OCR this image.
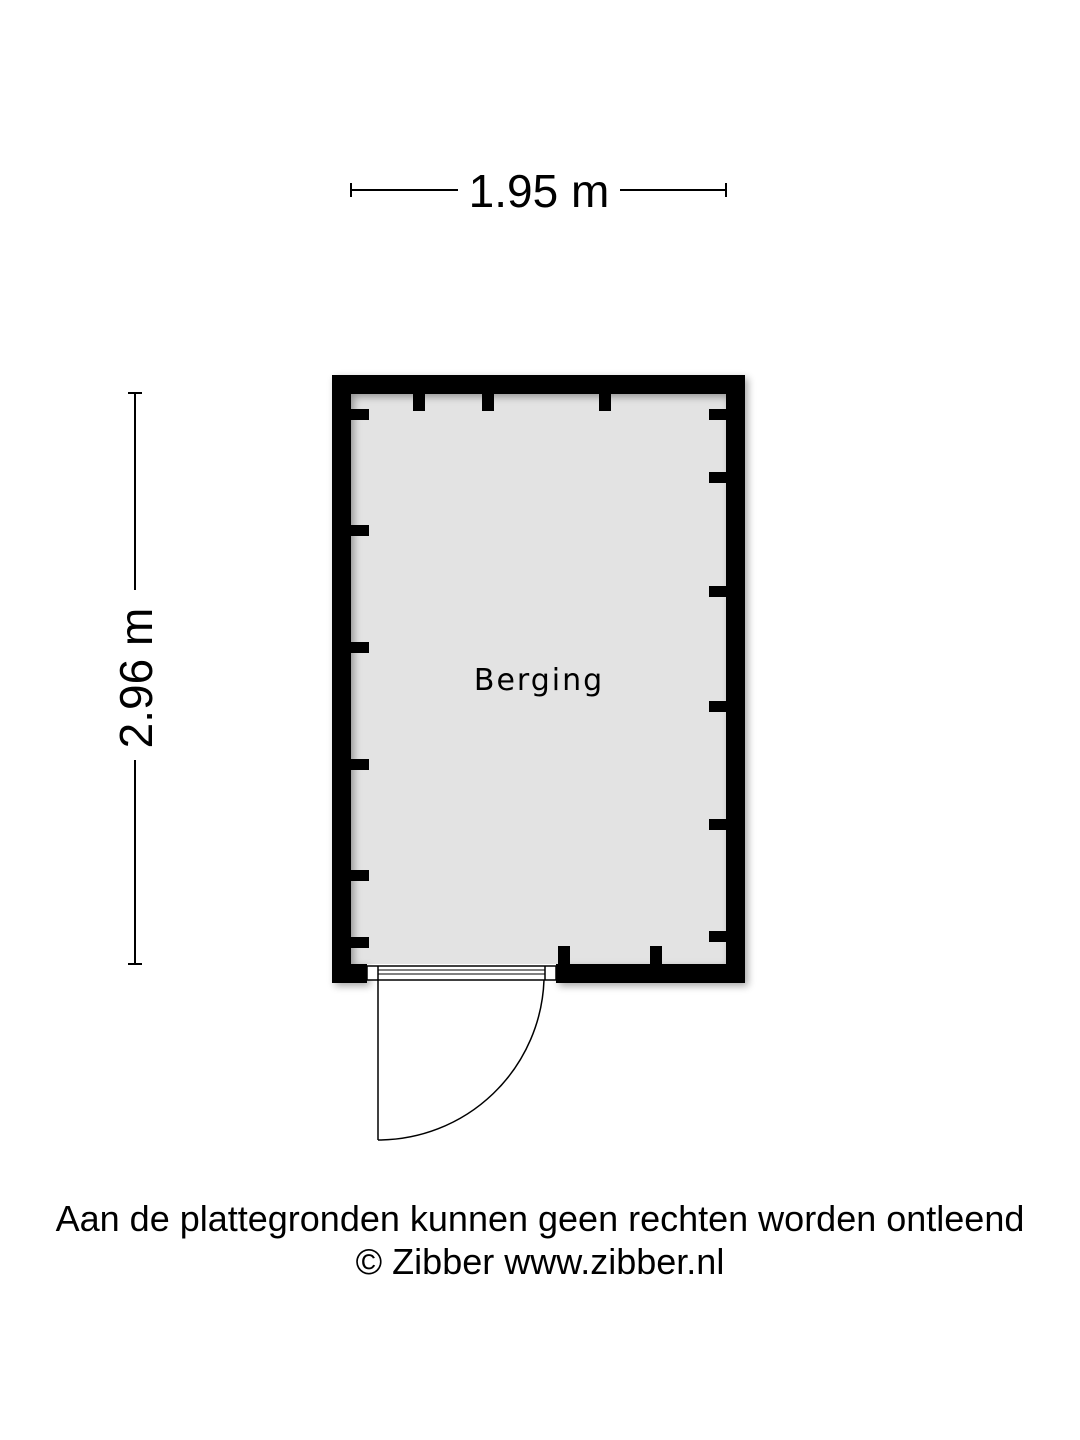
1.95 m
2.96 m	Berging
Aan de plattegronden kunnen geen rechten worden ontleend
© Zibber www.zibber.nl
